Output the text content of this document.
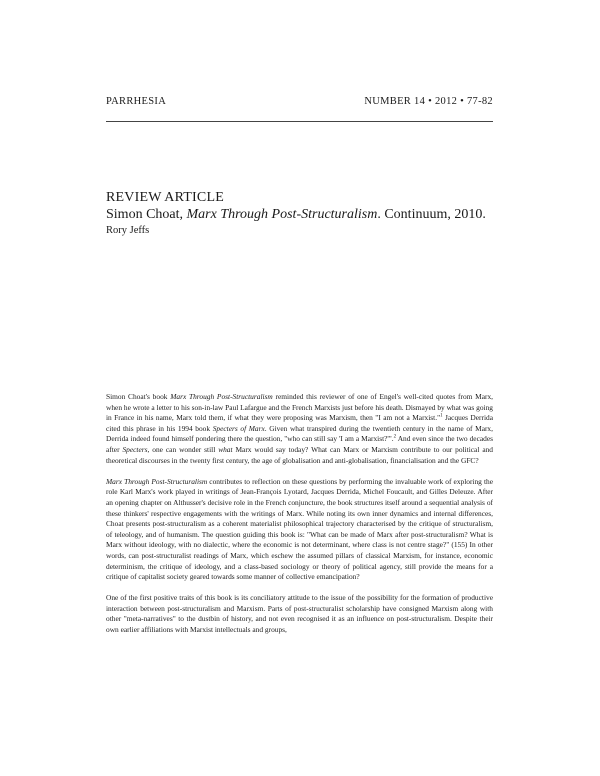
PARRHESIA	NUMBER 14 • 2012 • 77-82
REVIEW ARTICLE
Simon Choat, Marx Through Post-Structuralism. Continuum, 2010.
Rory Jeffs

Simon Choat's book Marx Through Post-Structuralism reminded this reviewer of one of Engel's well-cited quotes from Marx, when he wrote a letter to his son-in-law Paul Lafargue and the French Marxists just before his death. Dismayed by what was going in France in his name, Marx told them, if what they were proposing was Marxism, then "I am not a Marxist."$^1$ Jacques Derrida cited this phrase in his 1994 book Specters of Marx. Given what transpired during the twentieth century in the name of Marx, Derrida indeed found himself pondering there the question, "who can still say 'I am a Marxist?'".$^2$ And even since the two decades after Specters, one can wonder still what Marx would say today? What can Marx or Marxism contribute to our political and theoretical discourses in the twenty first century, the age of globalisation and anti-globalisation, financialisation and the GFC?

Marx Through Post-Structuralism contributes to reflection on these questions by performing the invaluable work of exploring the role Karl Marx's work played in writings of Jean-François Lyotard, Jacques Derrida, Michel Foucault, and Gilles Deleuze. After an opening chapter on Althusser's decisive role in the French conjuncture, the book structures itself around a sequential analysis of these thinkers' respective engagements with the writings of Marx. While noting its own inner dynamics and internal differences, Choat presents post-structuralism as a coherent materialist philosophical trajectory characterised by the critique of structuralism, of teleology, and of humanism. The question guiding this book is: "What can be made of Marx after post-structuralism? What is Marx without ideology, with no dialectic, where the economic is not determinant, where class is not centre stage?" (155) In other words, can post-structuralist readings of Marx, which eschew the assumed pillars of classical Marxism, for instance, economic determinism, the critique of ideology, and a class-based sociology or theory of political agency, still provide the means for a critique of capitalist society geared towards some manner of collective emancipation?

One of the first positive traits of this book is its conciliatory attitude to the issue of the possibility for the formation of productive interaction between post-structuralism and Marxism. Parts of post-structuralist scholarship have consigned Marxism along with other "meta-narratives" to the dustbin of history, and not even recognised it as an influence on post-structuralism. Despite their own earlier affiliations with Marxist intellectuals and groups,
